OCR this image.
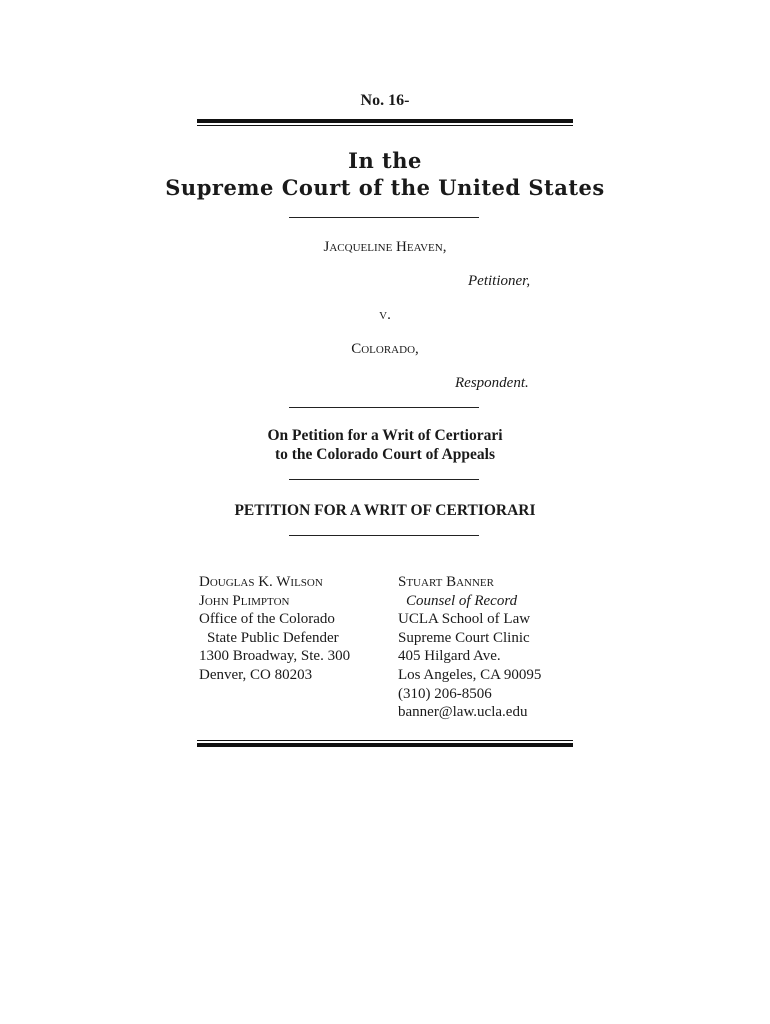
No. 16-
In the
Supreme Court of the United States
Jacqueline Heaven,
Petitioner,
v.
Colorado,
Respondent.
On Petition for a Writ of Certiorari
to the Colorado Court of Appeals
PETITION FOR A WRIT OF CERTIORARI
Douglas K. Wilson
John Plimpton
Office of the Colorado
State Public Defender
1300 Broadway, Ste. 300
Denver, CO 80203
Stuart Banner
Counsel of Record
UCLA School of Law
Supreme Court Clinic
405 Hilgard Ave.
Los Angeles, CA 90095
(310) 206-8506
banner@law.ucla.edu
